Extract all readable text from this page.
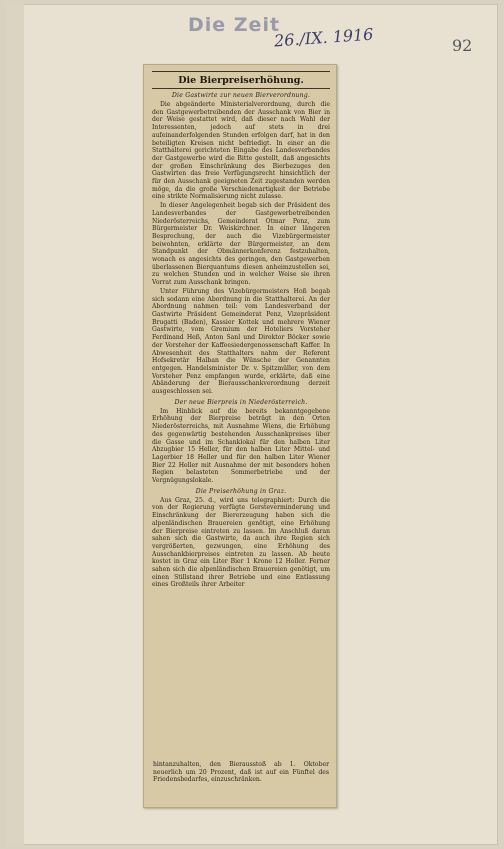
Die Zeit
26./IX. 1916	92
Die Bierpreiserhöhung.
Die Gastwirte zur neuen Bierverordnung.

Die abgeänderte Ministerialverordnung, durch die den Gastgewerbetreibenden der Ausschank von Bier in der Weise gestattet wird, daß dieser nach Wahl der Interessenten, jedoch auf stets in drei aufeinanderfolgenden Stunden erfolgen darf, hat in den beteiligten Kreisen nicht befriedigt. In einer an die Statthalterei gerichteten Eingabe des Landesverbandes der Gastgewerbe wird die Bitte gestellt, daß angesichts der großen Einschränkung des Bierbezuges den Gastwirten das freie Verfügungsrecht hinsichtlich der für den Ausschank geeigneten Zeit zugestanden werden möge, da die große Verschiedenartigkeit der Betriebe eine strikte Normalisierung nicht zulasse.

In dieser Angelegenheit begab sich der Präsident des Landesverbandes der Gastgewerbetreibenden Niederösterreichs, Gemeinderat Otmar Penz, zum Bürgermeister Dr. Weiskirchner. In einer längeren Besprechung, der auch die Vizebürgermeister beiwohnten, erklärte der Bürgermeister, an dem Standpunkt der Obmännerkonferenz festzuhalten, wonach es angesichts des geringen, den Gastgewerben überlassenen Bierquantums diesen anheimzustellen sei, zu welchen Stunden und in welcher Weise sie ihren Vorrat zum Ausschank bringen.

Unter Führung des Vizebürgermeisters Hoß begab sich sodann eine Abordnung in die Statthalterei. An der Abordnung nahmen teil: vom Landesverband der Gastwirte Präsident Gemeinderat Penz, Vizepräsident Brugatti (Baden), Kassier Kottek und mehrere Wiener Gastwirte, vom Gremium der Hoteliers Vorsteher Ferdinand Heß, Anton Sanl und Direktor Böcker sowie der Vorsteher der Kaffeesiedergenossenschaft Kaffer. In Abwesenheit des Statthalters nahm der Referent Hofsekretär Halban die Wünsche der Genannten entgegen. Handelsminister Dr. v. Spitzmüller, von dem Vorsteher Penz empfangen wurde, erklärte, daß eine Abänderung der Bierausschankverordnung derzeit ausgeschlossen sei.

Der neue Bierpreis in Niederösterreich.

Im Hinblick auf die bereits bekanntgegebene Erhöhung der Bierpreise beträgt in den Orten Niederösterreichs, mit Ausnahme Wiens, die Erhöhung des gegenwärtig bestehenden Ausschankpreises über die Gasse und im Schanklokal für den halben Liter Abzugbier 15 Heller, für den halben Liter Mittel- und Lagerbier 18 Heller und für den halben Liter Wiener Bier 22 Heller mit Ausnahme der mit besonders hohen Regien belasteten Sommerbetriebe und der Vergnügungslokale.

Die Preiserhöhung in Graz.

Aus Graz, 25. d., wird uns telegraphiert: Durch die von der Regierung verfügte Gersteverminderung und Einschränkung der Biererzeugung haben sich die alpenländischen Brauereien genötigt, eine Erhöhung der Bierpreise eintreten zu lassen. Im Anschluß daran sahen sich die Gastwirte, da auch ihre Regien sich vergrößerten, gezwungen, eine Erhöhung des Ausschankbierpreises eintreten zu lassen. Ab heute kostet in Graz ein Liter Bier 1 Krone 12 Heller. Ferner sahen sich die alpenländischen Brauereien genötigt, um einen Stillstand ihrer Betriebe und eine Entlassung eines Großteils ihrer Arbeiter

hintanzuhalten, den Bierausstoß ab 1. Oktober neuerlich um 20 Prozent, daß ist auf ein Fünftel des Friedensbedarfes, einzuschränken.
